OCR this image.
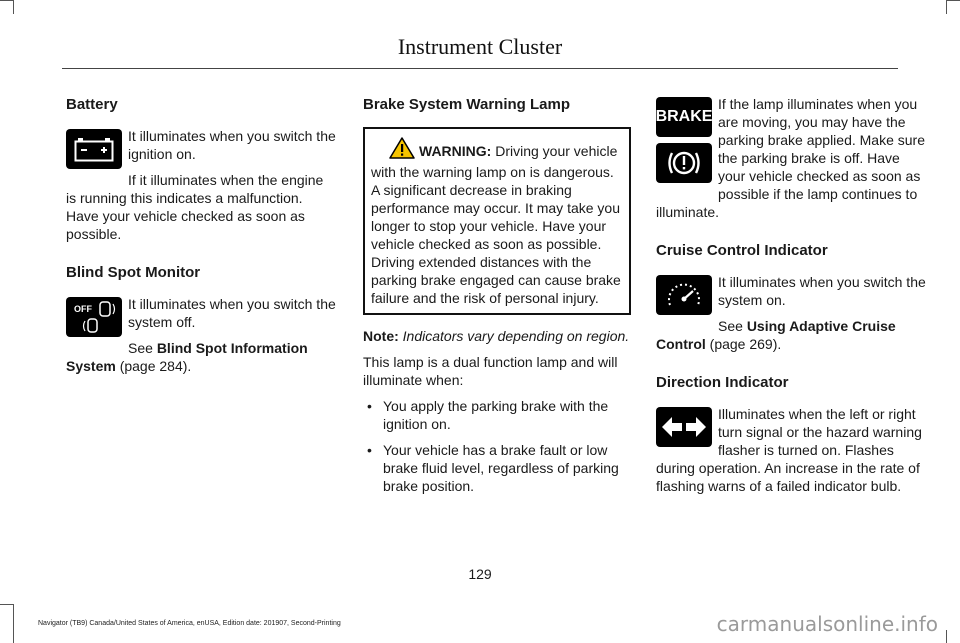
Instrument Cluster
Battery

It illuminates when you switch the ignition on.

If it illuminates when the engine is running this indicates a malfunction. Have your vehicle checked as soon as possible.

Blind Spot Monitor
OFF	It illuminates when you switch the system off.

See Blind Spot Information System (page 284).

Brake System Warning Lamp
WARNING: Driving your vehicle with the warning lamp on is dangerous. A significant decrease in braking performance may occur. It may take you longer to stop your vehicle. Have your vehicle checked as soon as possible. Driving extended distances with the parking brake engaged can cause brake failure and the risk of personal injury.

Note: Indicators vary depending on region.

This lamp is a dual function lamp and will illuminate when:

• You apply the parking brake with the ignition on.
• Your vehicle has a brake fault or low brake fluid level, regardless of parking brake position.
BRAKE

If the lamp illuminates when you are moving, you may have the parking brake applied. Make sure the parking brake is off. Have your vehicle checked as soon as possible if the lamp continues to illuminate.

Cruise Control Indicator

It illuminates when you switch the system on.

See Using Adaptive Cruise Control (page 269).

Direction Indicator

Illuminates when the left or right turn signal or the hazard warning flasher is turned on. Flashes during operation. An increase in the rate of flashing warns of a failed indicator bulb.

129
Navigator (TB9) Canada/United States of America, enUSA, Edition date: 201907, Second-Printing	carmanualsonline.info
